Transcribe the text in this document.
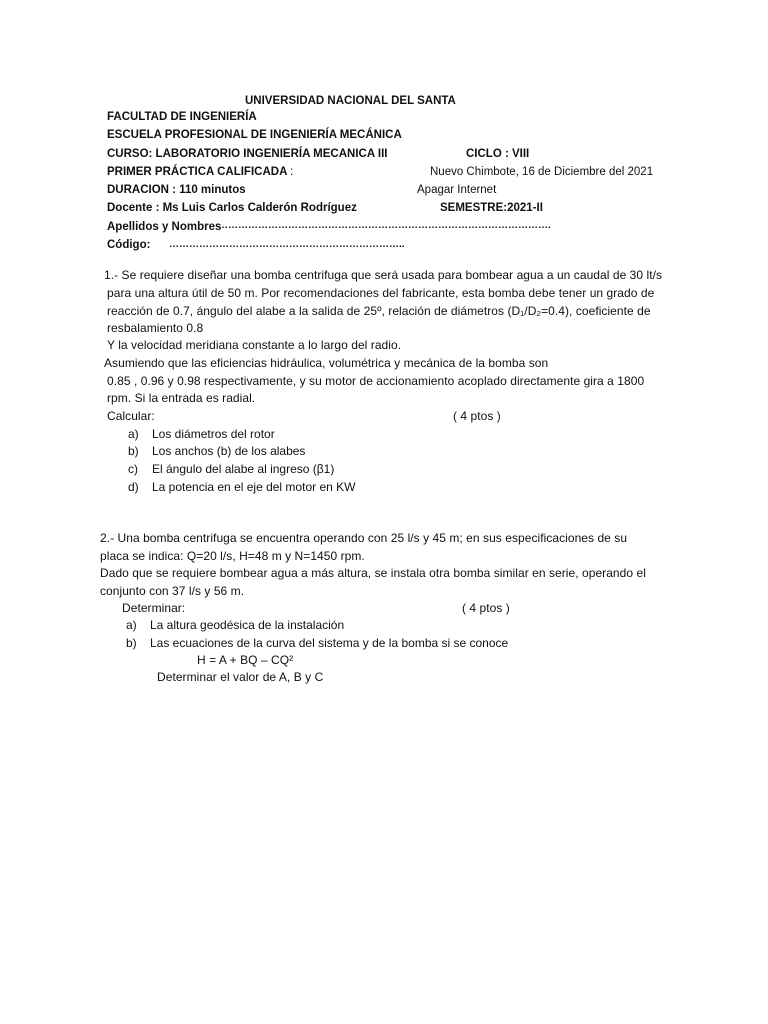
UNIVERSIDAD NACIONAL DEL SANTA
FACULTAD DE INGENIERÍA
ESCUELA PROFESIONAL DE INGENIERÍA MECÁNICA
CURSO: LABORATORIO INGENIERÍA MECANICA III	CICLO : VIII
PRIMER PRÁCTICA CALIFICADA :	Nuevo Chimbote, 16 de Diciembre del 2021
DURACION : 110 minutos	Apagar Internet
Docente : Ms Luis Carlos Calderón Rodríguez	SEMESTRE:2021-II
Apellidos y Nombres
……………………………………………………………………………………….
Código: ……………………………………………………………..
1.- Se requiere diseñar una bomba centrifuga que será usada para bombear agua a un caudal de 30 lt/s
para una altura útil de 50 m. Por recomendaciones del fabricante, esta bomba debe tener un grado de
reacción de 0.7, ángulo del alabe a la salida de 25º, relación de diámetros (D₁/D₂=0.4), coeficiente de
resbalamiento 0.8
Y la velocidad meridiana constante a lo largo del radio.
Asumiendo que las eficiencias hidráulica, volumétrica y mecánica de la bomba son
0.85 , 0.96 y 0.98 respectivamente, y su motor de accionamiento acoplado directamente gira a 1800
rpm. Si la entrada es radial.
Calcular:	( 4 ptos )
a) Los diámetros del rotor
b) Los anchos (b) de los alabes
c) El ángulo del alabe al ingreso (β1)
d) La potencia en el eje del motor en KW
2.- Una bomba centrifuga se encuentra operando con 25 l/s y 45 m; en sus especificaciones de su
placa se indica: Q=20 l/s, H=48 m y N=1450 rpm.
Dado que se requiere bombear agua a más altura, se instala otra bomba similar en serie, operando el
conjunto con 37 l/s y 56 m.
Determinar:	( 4 ptos )
a) La altura geodésica de la instalación
b) Las ecuaciones de la curva del sistema y de la bomba si se conoce
H = A + BQ – CQ²
Determinar el valor de A, B y C
